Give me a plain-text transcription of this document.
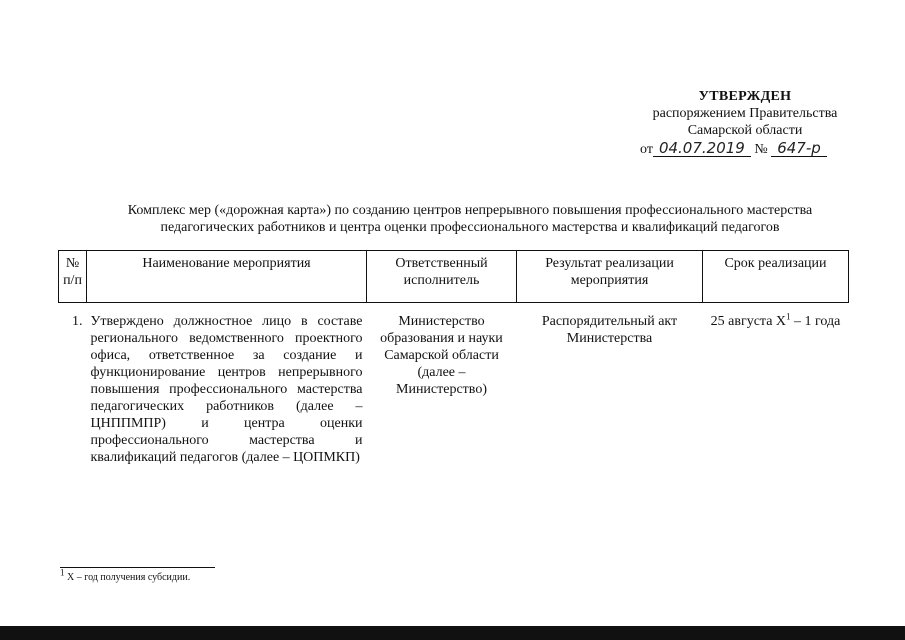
УТВЕРЖДЕН
распоряжением Правительства
Самарской области
от 04.07.2019 № 647-р
Комплекс мер («дорожная карта») по созданию центров непрерывного повышения профессионального мастерства
педагогических работников и центра оценки профессионального мастерства и квалификаций педагогов
№ п/п	Наименование мероприятия	Ответственный исполнитель	Результат реализации мероприятия	Срок реализации
1.	Утверждено должностное лицо в составе регионального ведомственного проектного офиса, ответственное за создание и функционирование центров непрерывного повышения профессионального мастерства педагогических работников (далее – ЦНППМПР) и центра оценки профессионального мастерства и квалификаций педагогов (далее – ЦОПМКП)	Министерство образования и науки Самарской области (далее – Министерство)	Распорядительный акт Министерства	25 августа $X^1 - 1$ года
$^1$ X – год получения субсидии.
